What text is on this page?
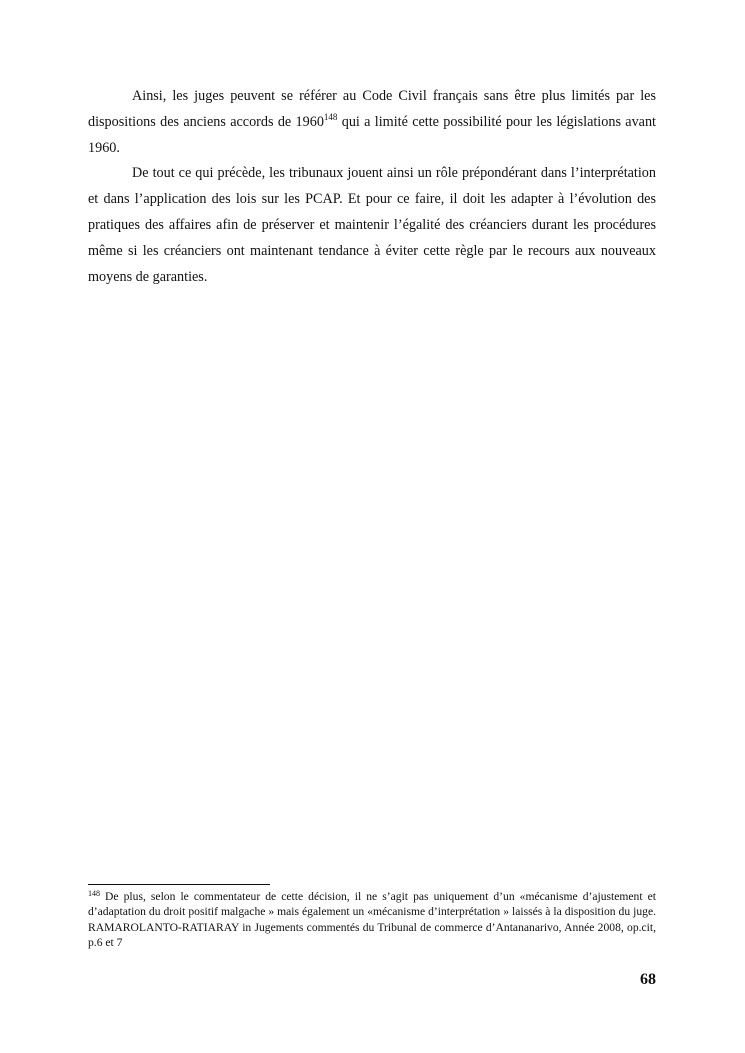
Ainsi, les juges peuvent se référer au Code Civil français sans être plus limités par les dispositions des anciens accords de 1960$^{148}$ qui a limité cette possibilité pour les législations avant 1960.

De tout ce qui précède, les tribunaux jouent ainsi un rôle prépondérant dans l’interprétation et dans l’application des lois sur les PCAP. Et pour ce faire, il doit les adapter à l’évolution des pratiques des affaires afin de préserver et maintenir l’égalité des créanciers durant les procédures même si les créanciers ont maintenant tendance à éviter cette règle par le recours aux nouveaux moyens de garanties.

$^{148}$ De plus, selon le commentateur de cette décision, il ne s’agit pas uniquement d’un «mécanisme d’ajustement et d’adaptation du droit positif malgache » mais également un «mécanisme d’interprétation » laissés à la disposition du juge. RAMAROLANTO-RATIARAY in Jugements commentés du Tribunal de commerce d’Antananarivo, Année 2008, op.cit, p.6 et 7

68
